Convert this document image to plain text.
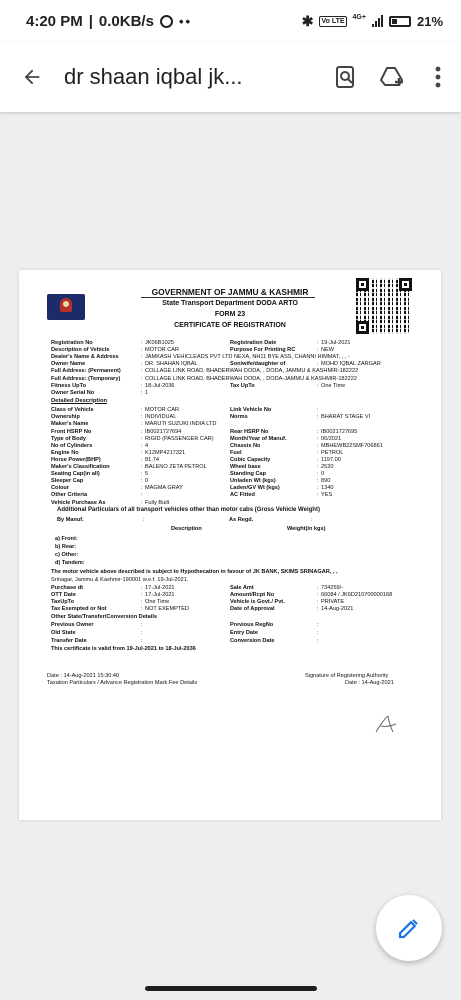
4:20 PM | 0.0KB/s ••	✱ Vo LTE
4G+	21%
dr shaan iqbal jk...
GOVERNMENT OF JAMMU & KASHMIR
State Transport Department DODA ARTO
FORM 23
CERTIFICATE OF REGISTRATION
Registration No	: JK06B1025	Registration Date	: 19-Jul-2021
Description of Vehicle	: MOTOR CAR	Purpose For Printing RC	: NEW
Dealer's Name & Address	: JAMKASH VEHICLEADS PVT LTD NEXA, NH11 BYE ASS, CHANNI HIMMAT, , , -
Owner Name	: DR. SHAHAN IQBAL	Son/wife/daughter of	: MOHD IQBAL ZARGAR
Full Address: (Permanent)	: COLLAGE LINK ROAD, BHADERWAH DODA, , DODA, JAMMU & KASHMIR-182222
Full Address: (Temporary)	: COLLAGE LINK ROAD, BHADERWAH DODA, , DODA-JAMMU & KASHMIR-182222
Fitness UpTo	: 18-Jul-2036	Tax UpTo	: One Time
Owner Serial No	: 1
Detailed Description
Class of Vehicle	: MOTOR CAR	Link Vehicle No	:
Ownership	: INDIVIDUAL	Norms	: BHARAT STAGE VI
Maker's Name	: MARUTI SUZUKI INDIA LTD
Front HSRP No	: IB0021727694	Rear HSRP No	: IB0021727695
Type of Body	: RIGID (PASSENGER CAR)	Month/Year of Manuf.	: 06/2021
No of Cylinders	: 4	Chassis No	: MBHEWB22SMF706861
Engine No	: K12MP4217321	Fuel	: PETROL
Horse Power(BHP)	: 81.74	Cubic Capacity	: 1197.00
Maker's Classification	: BALENO ZETA PETROL	Wheel base	: 2520
Seating Cap(in all)	: 5	Standing Cap	: 0
Sleeper Cap	: 0	Unladen Wt (kgs)	: 890
Colour	: MAGMA GRAY	Laden/GV Wt (kgs)	: 1340
Other Criteria	:	AC Fitted	: YES
Vehicle Purchase As	: Fully Built
Additional Particulars of all transport vehicles other than motor cabs (Gross Vehicle Weight)
By Manuf.	:	As Regd.	:
Description	Weight(in kgs)
a) Front:
b) Rear:
c) Other:
d) Tandem:
The motor vehicle above described is subject to Hypothecation in favour of JK BANK, SKIMS SRINAGAR, , ,
Srinagar, Jammu & Kashmir-190001 w.e.f. 19-Jul-2021.
Purchase dt	: 17-Jul-2021	Sale Amt	: 734259/-
OTT Date	: 17-Jul-2021	Amount/Rcpt No	: 66084 / JK6D210700000168
TaxUpTo	: One Time	Vehicle is Govt./ Pvt.	: PRIVATE
Tax Exempted or Not	: NOT EXEMPTED	Date of Approval	: 14-Aug-2021
Other State/Transfer/Conversion Details
Previous Owner	:	Previous RegNo	:
Old State	:	Entry Date	:
Transfer Date	:	Conversion Date	:
This certificate is valid from 19-Jul-2021 to 18-Jul-2036
Date : 14-Aug-2021 15:30:40	Signature of Registering Authority
Taxation Particulars / Advance Registration Mark Fee Details	Date : 14-Aug-2021
